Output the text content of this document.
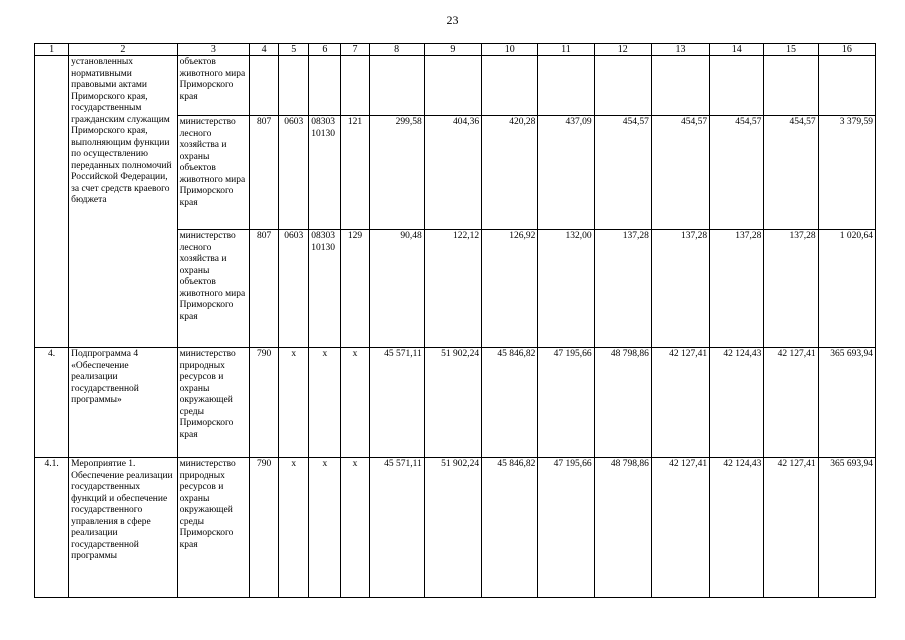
23
1	2	3	4	5	6	7	8	9	10	11	12	13	14	15	16
	установленных нормативными правовыми актами Приморского края, государственным гражданским служащим Приморского края, выполняющим функции по осуществлению переданных полномочий Российской Федерации, за счет средств краевого бюджета	объектов животного мира Приморского края													
		министерство лесного хозяйства и охраны объектов животного мира Приморского края	807	0603	0830310130	121	299,58	404,36	420,28	437,09	454,57	454,57	454,57	454,57	3 379,59
		министерство лесного хозяйства и охраны объектов животного мира Приморского края	807	0603	0830310130	129	90,48	122,12	126,92	132,00	137,28	137,28	137,28	137,28	1 020,64
4.	Подпрограмма 4 «Обеспечение реализации государственной программы»	министерство природных ресурсов и охраны окружающей среды Приморского края	790	x	x	x	45 571,11	51 902,24	45 846,82	47 195,66	48 798,86	42 127,41	42 124,43	42 127,41	365 693,94
4.1.	Мероприятие 1. Обеспечение реализации государственных функций и обеспечение государственного управления в сфере реализации государственной программы	министерство природных ресурсов и охраны окружающей среды Приморского края	790	x	x	x	45 571,11	51 902,24	45 846,82	47 195,66	48 798,86	42 127,41	42 124,43	42 127,41	365 693,94
